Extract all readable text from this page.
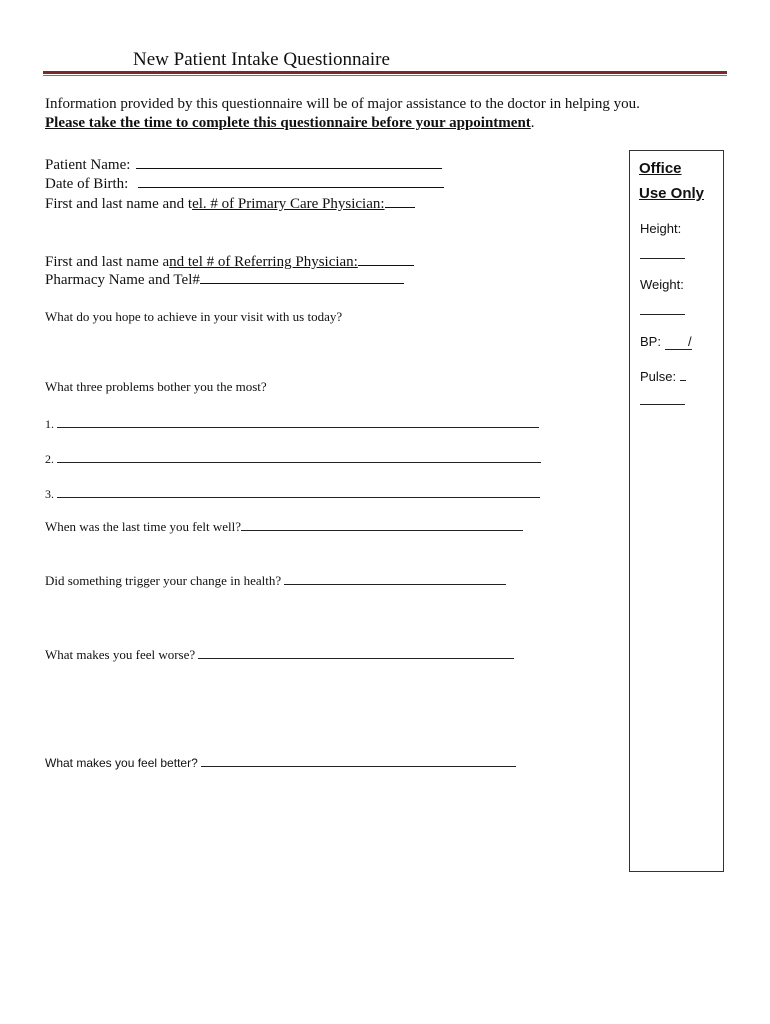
New Patient Intake Questionnaire
Information provided by this questionnaire will be of major assistance to the doctor in helping you.
Please take the time to complete this questionnaire before your appointment.
Patient Name:
Date of Birth:
First and last name and tel. # of Primary Care Physician:
First and last name and tel # of Referring Physician:
Pharmacy Name and Tel#
What do you hope to achieve in your visit with us today?
What three problems bother you the most?
1.
2.
3.
When was the last time you felt well?
Did something trigger your change in health?
What makes you feel worse?
What makes you feel better?
Office
Use Only
Height:
Weight:
BP: /
Pulse:
